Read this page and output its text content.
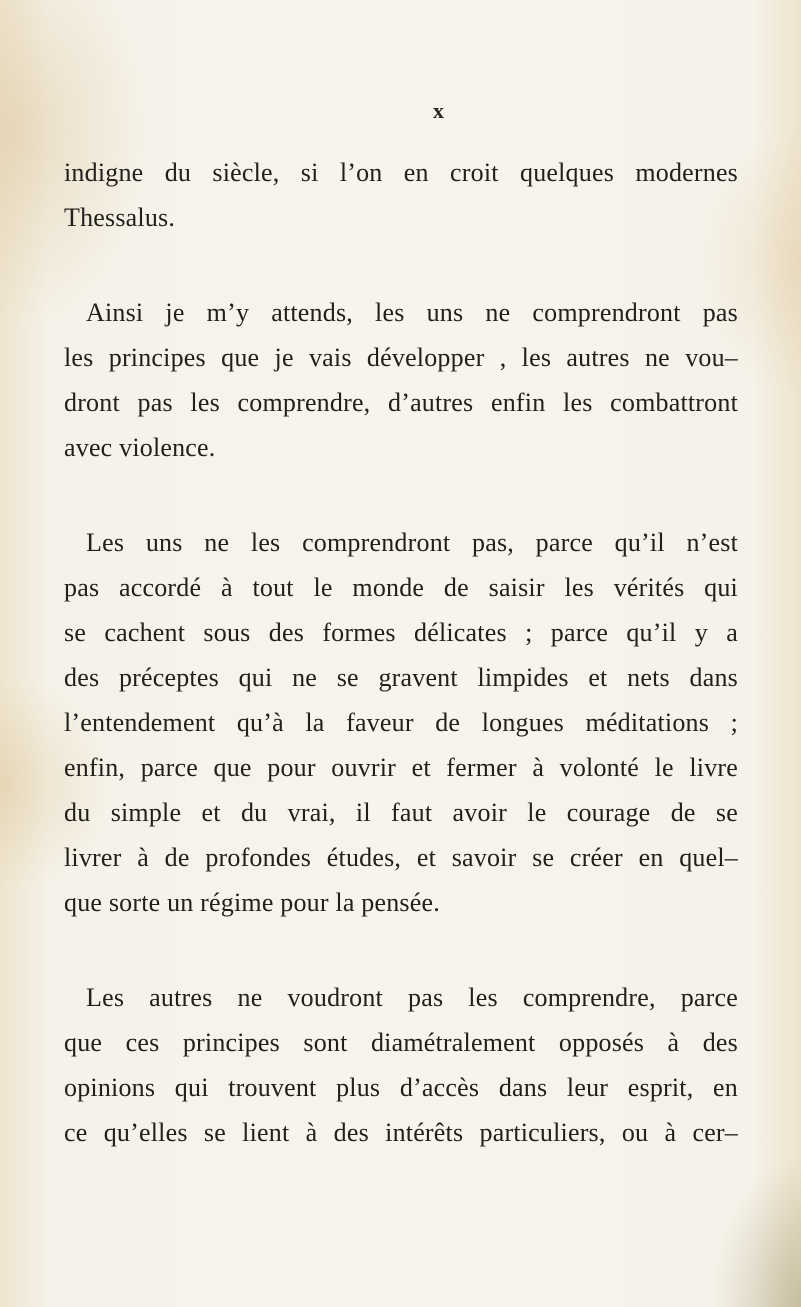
x
indigne du siècle, si l’on en croit quelques modernes
Thessalus.
Ainsi je m’y attends, les uns ne comprendront pas
les principes que je vais développer , les autres ne vou–
dront pas les comprendre, d’autres enfin les combattront
avec violence.
Les uns ne les comprendront pas, parce qu’il n’est
pas accordé à tout le monde de saisir les vérités qui
se cachent sous des formes délicates ; parce qu’il y a
des préceptes qui ne se gravent limpides et nets dans
l’entendement qu’à la faveur de longues méditations ;
enfin, parce que pour ouvrir et fermer à volonté le livre
du simple et du vrai, il faut avoir le courage de se
livrer à de profondes études, et savoir se créer en quel–
que sorte un régime pour la pensée.
Les autres ne voudront pas les comprendre, parce
que ces principes sont diamétralement opposés à des
opinions qui trouvent plus d’accès dans leur esprit, en
ce qu’elles se lient à des intérêts particuliers, ou à cer–
